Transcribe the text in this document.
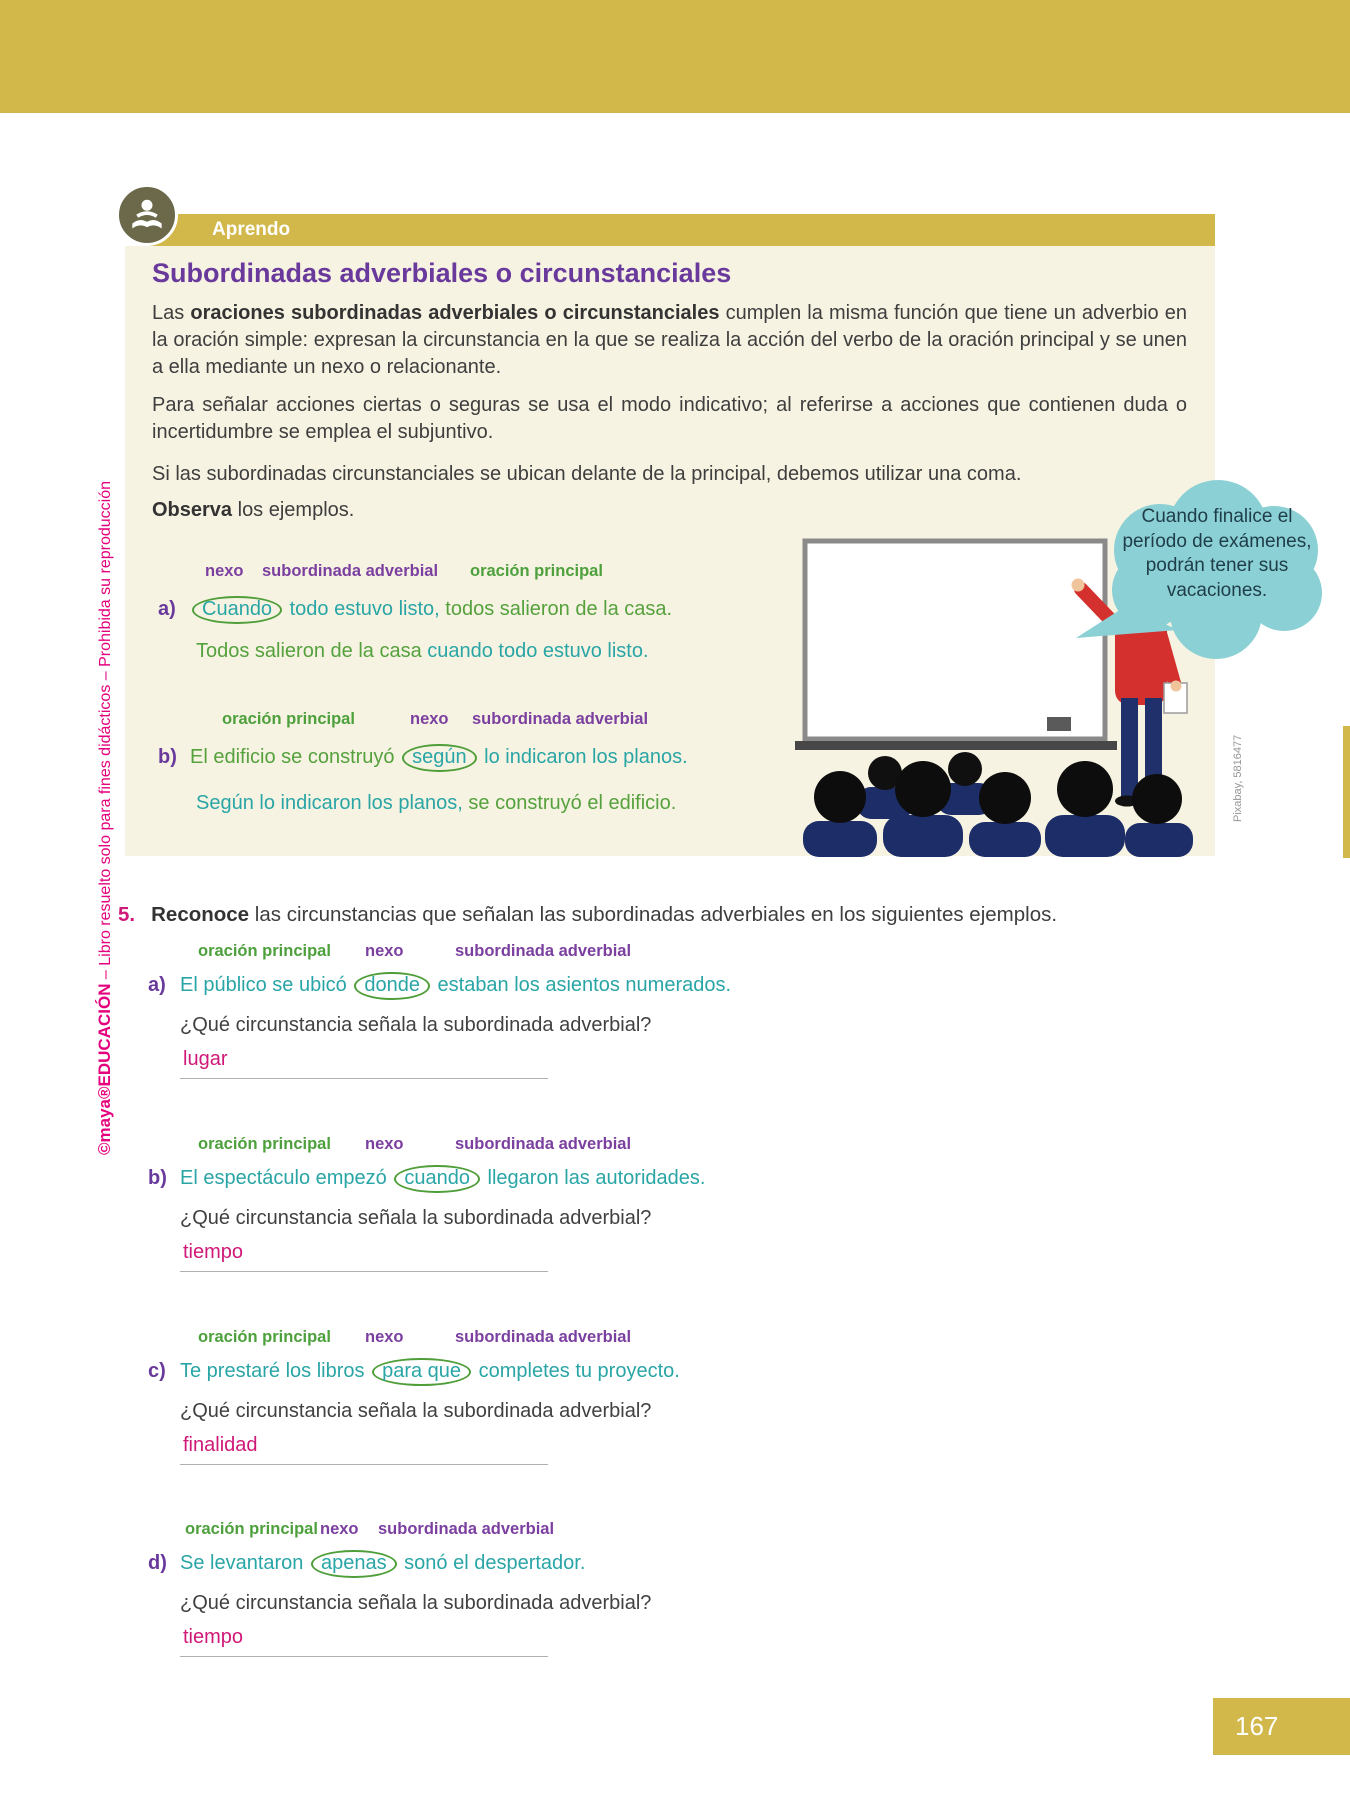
Aprendo
Subordinadas adverbiales o circunstanciales
Las oraciones subordinadas adverbiales o circunstanciales cumplen la misma función que tiene un adverbio en la oración simple: expresan la circunstancia en la que se realiza la acción del verbo de la oración principal y se unen a ella mediante un nexo o relacionante.
Para señalar acciones ciertas o seguras se usa el modo indicativo; al referirse a acciones que contienen duda o incertidumbre se emplea el subjuntivo.
Si las subordinadas circunstanciales se ubican delante de la principal, debemos utilizar una coma.
Observa los ejemplos.
nexo subordinada adverbial oración principal
a) Cuando todo estuvo listo, todos salieron de la casa.
Todos salieron de la casa cuando todo estuvo listo.
oración principal	nexo subordinada adverbial
b) El edificio se construyó según lo indicaron los planos.
Según lo indicaron los planos, se construyó el edificio.
Cuando finalice el período de exámenes, podrán tener sus vacaciones.
Pixabay, 5816477
5. Reconoce las circunstancias que señalan las subordinadas adverbiales en los siguientes ejemplos.
oración principal nexo	subordinada adverbial
a) El público se ubicó donde estaban los asientos numerados.
¿Qué circunstancia señala la subordinada adverbial?
lugar
oración principal nexo	subordinada adverbial
b) El espectáculo empezó cuando llegaron las autoridades.
¿Qué circunstancia señala la subordinada adverbial?
tiempo
oración principal nexo	subordinada adverbial
c) Te prestaré los libros para que completes tu proyecto.
¿Qué circunstancia señala la subordinada adverbial?
finalidad
oración principal nexo subordinada adverbial
d) Se levantaron apenas sonó el despertador.
¿Qué circunstancia señala la subordinada adverbial?
tiempo
©maya®EDUCACIÓN – Libro resuelto solo para fines didácticos – Prohibida su reproducción
167
